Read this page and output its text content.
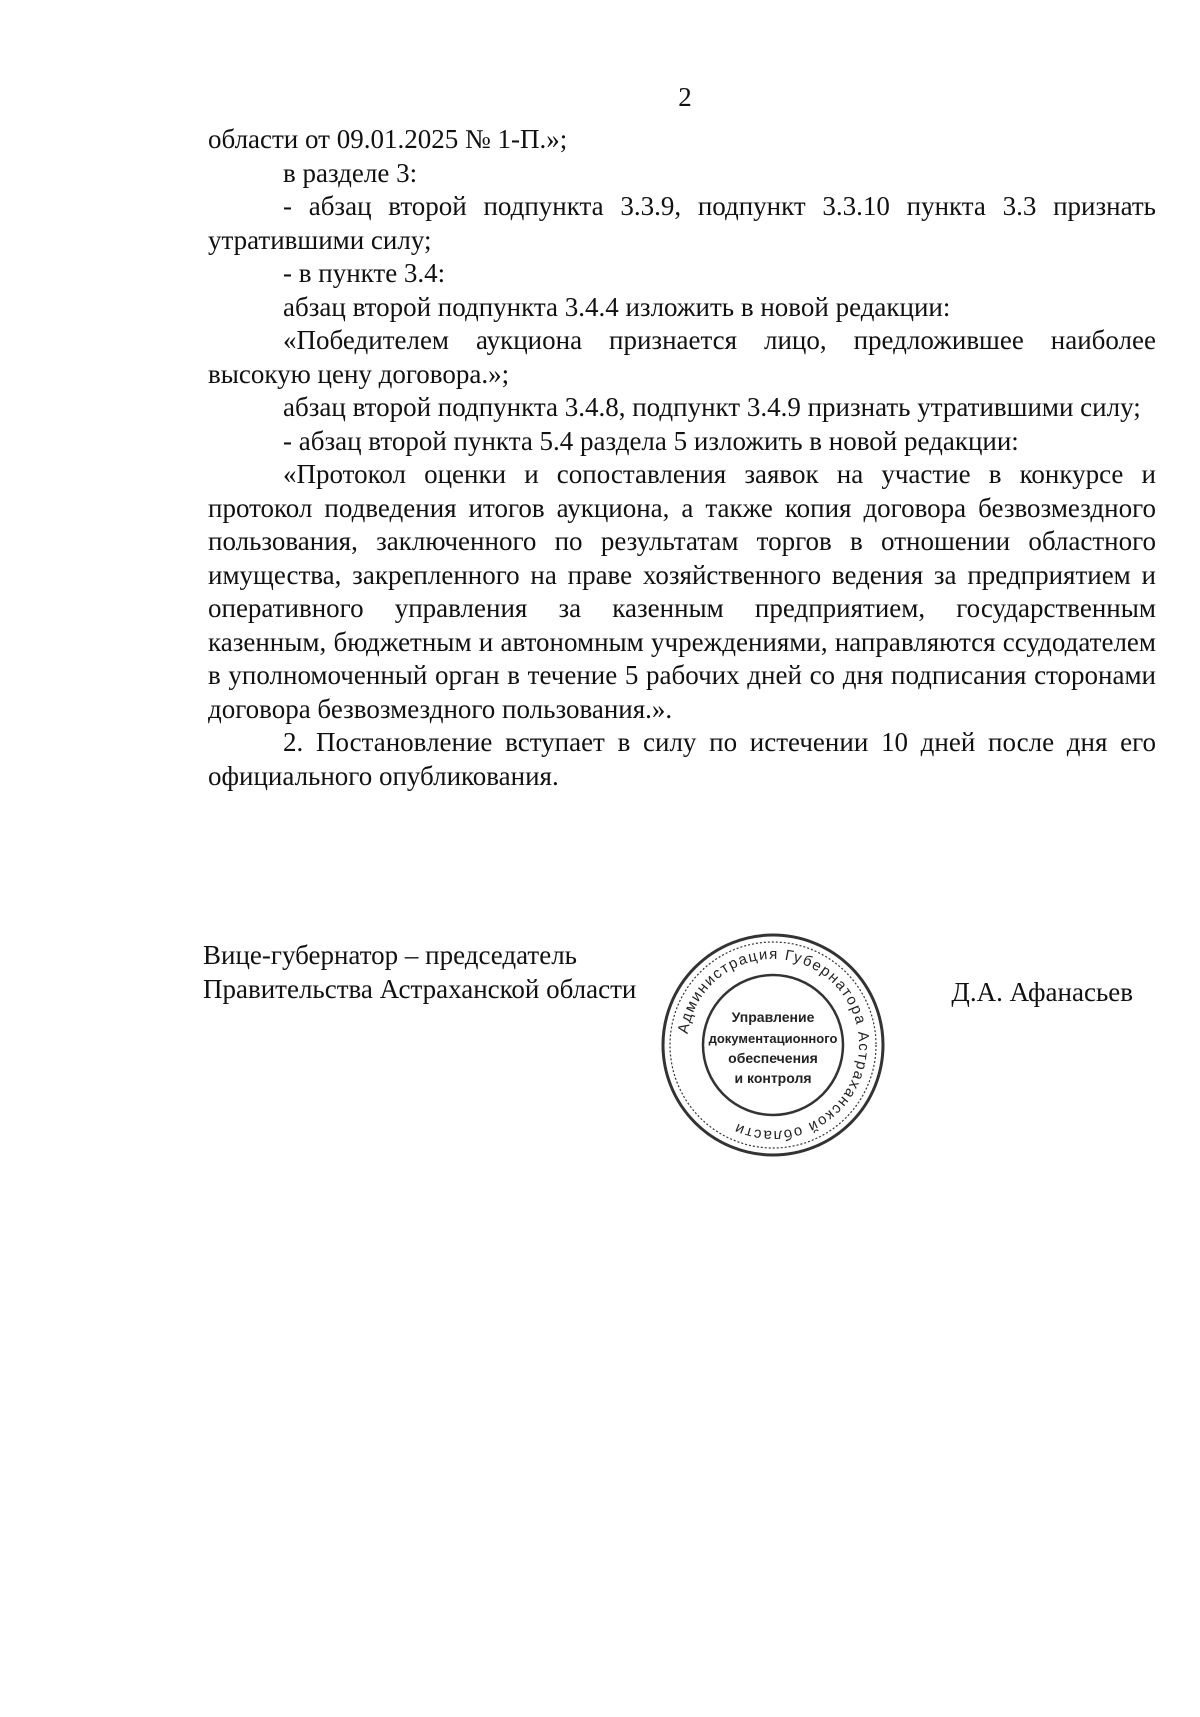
2

области от 09.01.2025 № 1-П.»;

в разделе 3:

- абзац второй подпункта 3.3.9, подпункт 3.3.10 пункта 3.3 признать утратившими силу;

- в пункте 3.4:

абзац второй подпункта 3.4.4 изложить в новой редакции:

«Победителем аукциона признается лицо, предложившее наиболее высокую цену договора.»;

абзац второй подпункта 3.4.8, подпункт 3.4.9 признать утратившими силу;

- абзац второй пункта 5.4 раздела 5 изложить в новой редакции:

«Протокол оценки и сопоставления заявок на участие в конкурсе и протокол подведения итогов аукциона, а также копия договора безвозмездного пользования, заключенного по результатам торгов в отношении областного имущества, закрепленного на праве хозяйственного ведения за предприятием и оперативного управления за казенным предприятием, государственным казенным, бюджетным и автономным учреждениями, направляются ссудодателем в уполномоченный орган в течение 5 рабочих дней со дня подписания сторонами договора безвозмездного пользования.».

2. Постановление вступает в силу по истечении 10 дней после дня его официального опубликования.

Вице-губернатор – председатель
Правительства Астраханской области
Администрация Губернатора Астраханской области
Управление
документационного
обеспечения
и контроля
Д.А. Афанасьев
